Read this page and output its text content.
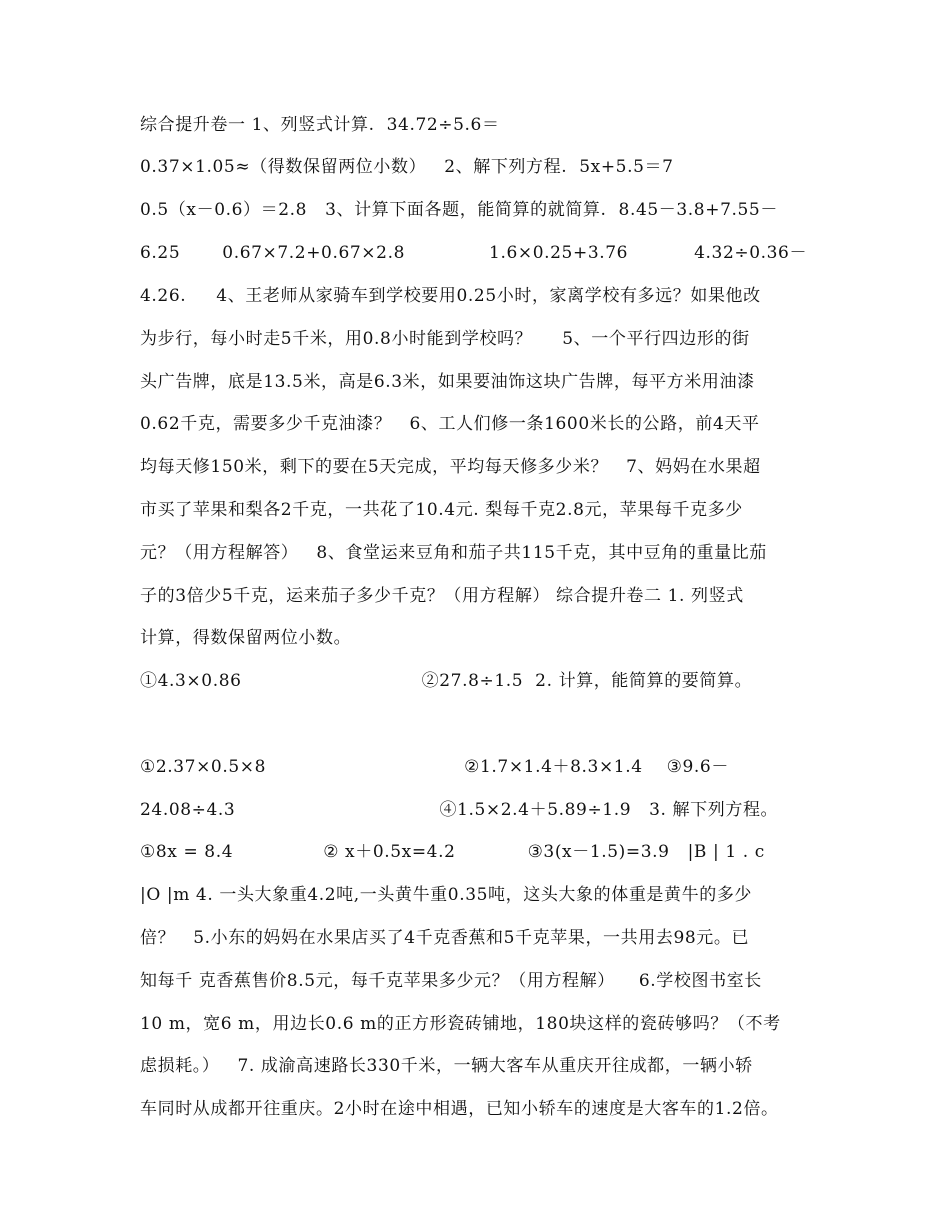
综合提升卷一 1、列竖式计算.  34.72÷5.6＝
0.37×1.05≈（得数保留两位小数）   2、解下列方程.  5x+5.5＝7
0.5（x－0.6）＝2.8   3、计算下面各题，能简算的就简算.  8.45－3.8+7.55－
6.25       0.67×7.2+0.67×2.8              1.6×0.25+3.76           4.32÷0.36－
4.26.     4、王老师从家骑车到学校要用0.25小时，家离学校有多远？如果他改
为步行，每小时走5千米，用0.8小时能到学校吗？     5、一个平行四边形的街
头广告牌，底是13.5米，高是6.3米，如果要油饰这块广告牌，每平方米用油漆
0.62千克，需要多少千克油漆？   6、工人们修一条1600米长的公路，前4天平
均每天修150米，剩下的要在5天完成，平均每天修多少米？   7、妈妈在水果超
市买了苹果和梨各2千克，一共花了10.4元. 梨每千克2.8元，苹果每千克多少
元？（用方程解答）   8、食堂运来豆角和茄子共115千克，其中豆角的重量比茄
子的3倍少5千克，运来茄子多少千克？（用方程解） 综合提升卷二 1. 列竖式
计算，得数保留两位小数。
①4.3×0.86                              ②27.8÷1.5  2. 计算，能简算的要简算。
①2.37×0.5×8                                 ②1.7×1.4＋8.3×1.4    ③9.6－
24.08÷4.3                                  ④1.5×2.4＋5.89÷1.9   3. 解下列方程。
①8x = 8.4               ② x＋0.5x=4.2            ③3(x－1.5)=3.9   |B | 1 . c
|O |m 4. 一头大象重4.2吨,一头黄牛重0.35吨，这头大象的体重是黄牛的多少
倍？   5.小东的妈妈在水果店买了4千克香蕉和5千克苹果，一共用去98元。已
知每千 克香蕉售价8.5元，每千克苹果多少元？（用方程解）    6.学校图书室长
10 m，宽6 m，用边长0.6 m的正方形瓷砖铺地，180块这样的瓷砖够吗？（不考
虑损耗。）   7. 成渝高速路长330千米，一辆大客车从重庆开往成都，一辆小轿
车同时从成都开往重庆。2小时在途中相遇，已知小轿车的速度是大客车的1.2倍。
